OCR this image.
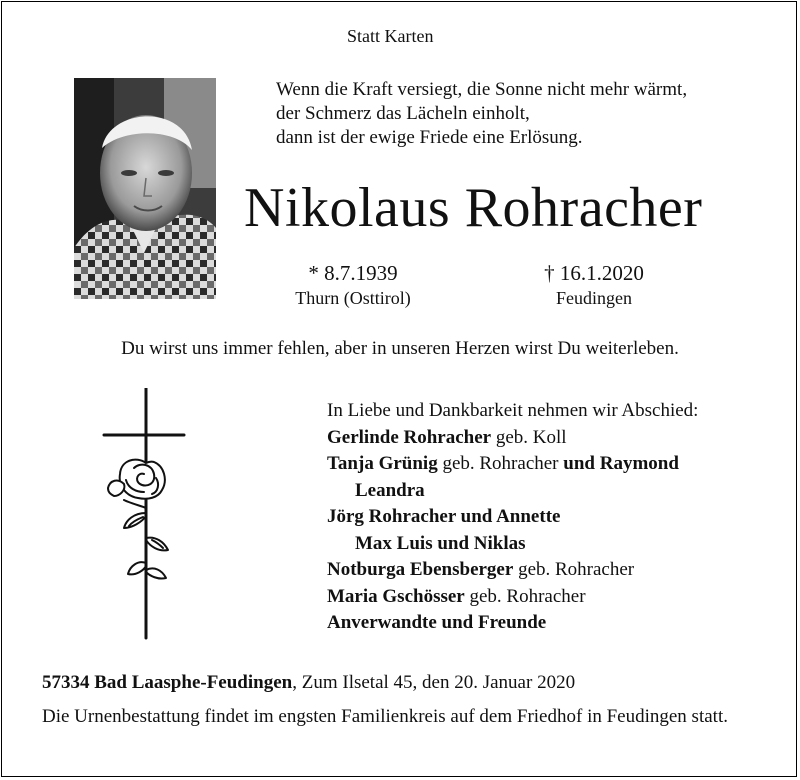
Statt Karten
Wenn die Kraft versiegt, die Sonne nicht mehr wärmt,
der Schmerz das Lächeln einholt,
dann ist der ewige Friede eine Erlösung.
Nikolaus Rohracher
* 8.7.1939
Thurn (Osttirol)
† 16.1.2020
Feudingen
Du wirst uns immer fehlen, aber in unseren Herzen wirst Du weiterleben.
In Liebe und Dankbarkeit nehmen wir Abschied:
Gerlinde Rohracher geb. Koll
Tanja Grünig geb. Rohracher und Raymond
Leandra
Jörg Rohracher und Annette
Max Luis und Niklas
Notburga Ebensberger geb. Rohracher
Maria Gschösser geb. Rohracher
Anverwandte und Freunde
57334 Bad Laasphe-Feudingen, Zum Ilsetal 45, den 20. Januar 2020
Die Urnenbestattung findet im engsten Familienkreis auf dem Friedhof in Feudingen statt.
